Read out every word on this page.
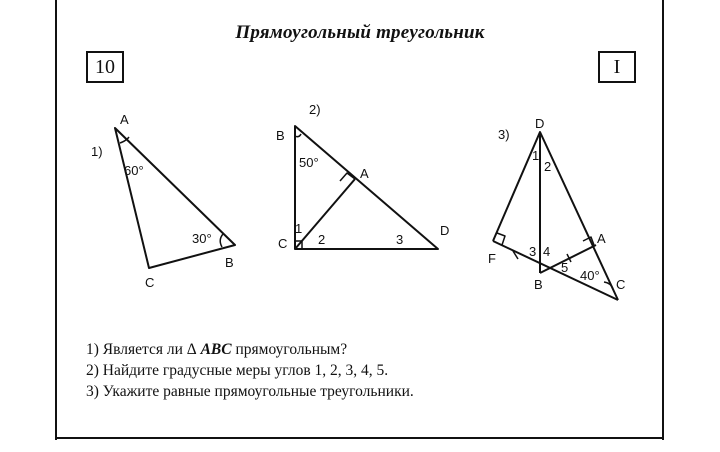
Прямоугольный треугольник
10	I
1)
A
B
C
60°
30°
2)
B
50°
A
C
D
1
2	3
3)
D
F
B
A
C
1
2
3 4
5
40°
1) Является ли Δ ABC прямоугольным?
2) Найдите градусные меры углов 1, 2, 3, 4, 5.
3) Укажите равные прямоугольные треугольники.
